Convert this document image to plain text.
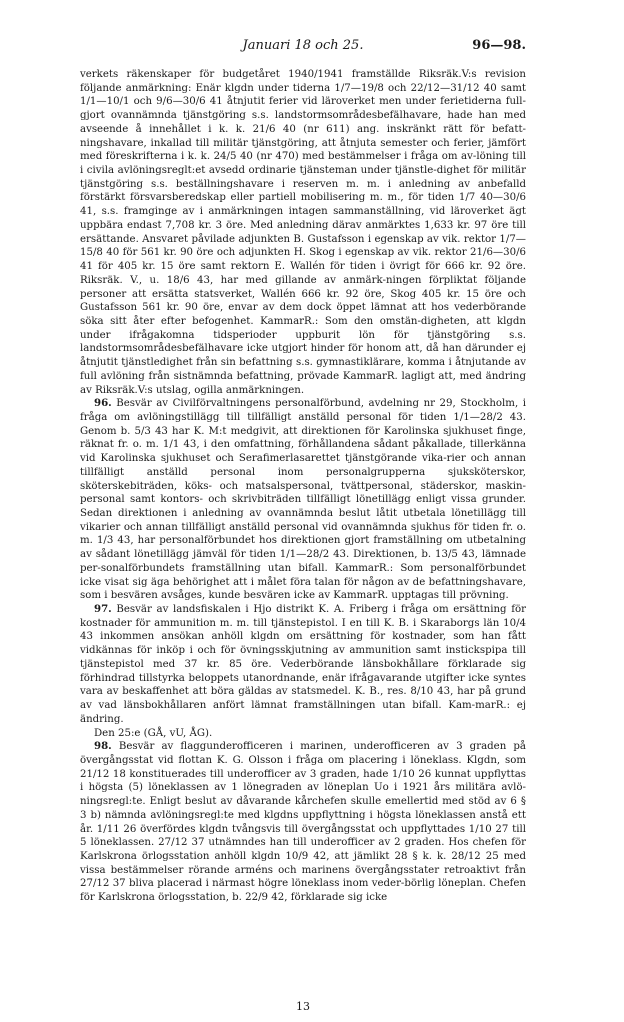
Januari 18 och 25.	96—98.

verkets räkenskaper för budgetåret 1940/1941 framställde Riksräk.V:s revision följande anmärkning: Enär klgdn under tiderna 1/7—19/8 och 22/12—31/12 40 samt 1/1—10/1 och 9/6—30/6 41 åtnjutit ferier vid läroverket men under ferietiderna full-gjort ovannämnda tjänstgöring s.s. landstormsområdesbefälhavare, hade han med avseende å innehållet i k. k. 21/6 40 (nr 611) ang. inskränkt rätt för befatt-ningshavare, inkallad till militär tjänstgöring, att åtnjuta semester och ferier, jämfört med föreskrifterna i k. k. 24/5 40 (nr 470) med bestämmelser i fråga om av-löning till i civila avlöningsreglt:et avsedd ordinarie tjänsteman under tjänstle-dighet för militär tjänstgöring s.s. beställningshavare i reserven m. m. i anledning av anbefalld förstärkt försvarsberedskap eller partiell mobilisering m. m., för tiden 1/7 40—30/6 41, s.s. framginge av i anmärkningen intagen sammanställning, vid läroverket ägt uppbära endast 7,708 kr. 3 öre. Med anledning därav anmärktes 1,633 kr. 97 öre till ersättande. Ansvaret påvilade adjunkten B. Gustafsson i egenskap av vik. rektor 1/7—15/8 40 för 561 kr. 90 öre och adjunkten H. Skog i egenskap av vik. rektor 21/6—30/6 41 för 405 kr. 15 öre samt rektorn E. Wallén för tiden i övrigt för 666 kr. 92 öre. Riksräk. V., u. 18/6 43, har med gillande av anmärk-ningen förpliktat följande personer att ersätta statsverket, Wallén 666 kr. 92 öre, Skog 405 kr. 15 öre och Gustafsson 561 kr. 90 öre, envar av dem dock öppet lämnat att hos vederbörande söka sitt åter efter befogenhet. KammarR.: Som den omstän-digheten, att klgdn under ifrågakomna tidsperioder uppburit lön för tjänstgöring s.s. landstormsområdesbefälhavare icke utgjort hinder för honom att, då han därunder ej åtnjutit tjänstledighet från sin befattning s.s. gymnastiklärare, komma i åtnjutande av full avlöning från sistnämnda befattning, prövade KammarR. lagligt att, med ändring av Riksräk.V:s utslag, ogilla anmärkningen.

96. Besvär av Civilförvaltningens personalförbund, avdelning nr 29, Stockholm, i fråga om avlöningstillägg till tillfälligt anställd personal för tiden 1/1—28/2 43. Genom b. 5/3 43 har K. M:t medgivit, att direktionen för Karolinska sjukhuset finge, räknat fr. o. m. 1/1 43, i den omfattning, förhållandena sådant påkallade, tillerkänna vid Karolinska sjukhuset och Serafimerlasarettet tjänstgörande vika-rier och annan tillfälligt anställd personal inom personalgrupperna sjuksköterskor, sköterskebiträden, köks- och matsalspersonal, tvättpersonal, städerskor, maskin-personal samt kontors- och skrivbiträden tillfälligt lönetillägg enligt vissa grunder. Sedan direktionen i anledning av ovannämnda beslut låtit utbetala lönetillägg till vikarier och annan tillfälligt anställd personal vid ovannämnda sjukhus för tiden fr. o. m. 1/3 43, har personalförbundet hos direktionen gjort framställning om utbetalning av sådant lönetillägg jämväl för tiden 1/1—28/2 43. Direktionen, b. 13/5 43, lämnade per-sonalförbundets framställning utan bifall. KammarR.: Som personalförbundet icke visat sig äga behörighet att i målet föra talan för någon av de befattningshavare, som i besvären avsåges, kunde besvären icke av KammarR. upptagas till prövning.

97. Besvär av landsfiskalen i Hjo distrikt K. A. Friberg i fråga om ersättning för kostnader för ammunition m. m. till tjänstepistol. I en till K. B. i Skaraborgs län 10/4 43 inkommen ansökan anhöll klgdn om ersättning för kostnader, som han fått vidkännas för inköp i och för övningsskjutning av ammunition samt instickspipa till tjänstepistol med 37 kr. 85 öre. Vederbörande länsbokhållare förklarade sig förhindrad tillstyrka beloppets utanordnande, enär ifrågavarande utgifter icke syntes vara av beskaffenhet att böra gäldas av statsmedel. K. B., res. 8/10 43, har på grund av vad länsbokhållaren anfört lämnat framställningen utan bifall. Kam-marR.: ej ändring.

Den 25:e (GÅ, vU, ÅG).

98. Besvär av flaggunderofficeren i marinen, underofficeren av 3 graden på övergångsstat vid flottan K. G. Olsson i fråga om placering i löneklass. Klgdn, som 21/12 18 konstituerades till underofficer av 3 graden, hade 1/10 26 kunnat uppflyttas i högsta (5) löneklassen av 1 lönegraden av löneplan Uo i 1921 års militära avlö-ningsregl:te. Enligt beslut av dåvarande kårchefen skulle emellertid med stöd av 6 § 3 b) nämnda avlöningsregl:te med klgdns uppflyttning i högsta löneklassen anstå ett år. 1/11 26 överfördes klgdn tvångsvis till övergångsstat och uppflyttades 1/10 27 till 5 löneklassen. 27/12 37 utnämndes han till underofficer av 2 graden. Hos chefen för Karlskrona örlogsstation anhöll klgdn 10/9 42, att jämlikt 28 § k. k. 28/12 25 med vissa bestämmelser rörande arméns och marinens övergångsstater retroaktivt från 27/12 37 bliva placerad i närmast högre löneklass inom veder-börlig löneplan. Chefen för Karlskrona örlogsstation, b. 22/9 42, förklarade sig icke

13
